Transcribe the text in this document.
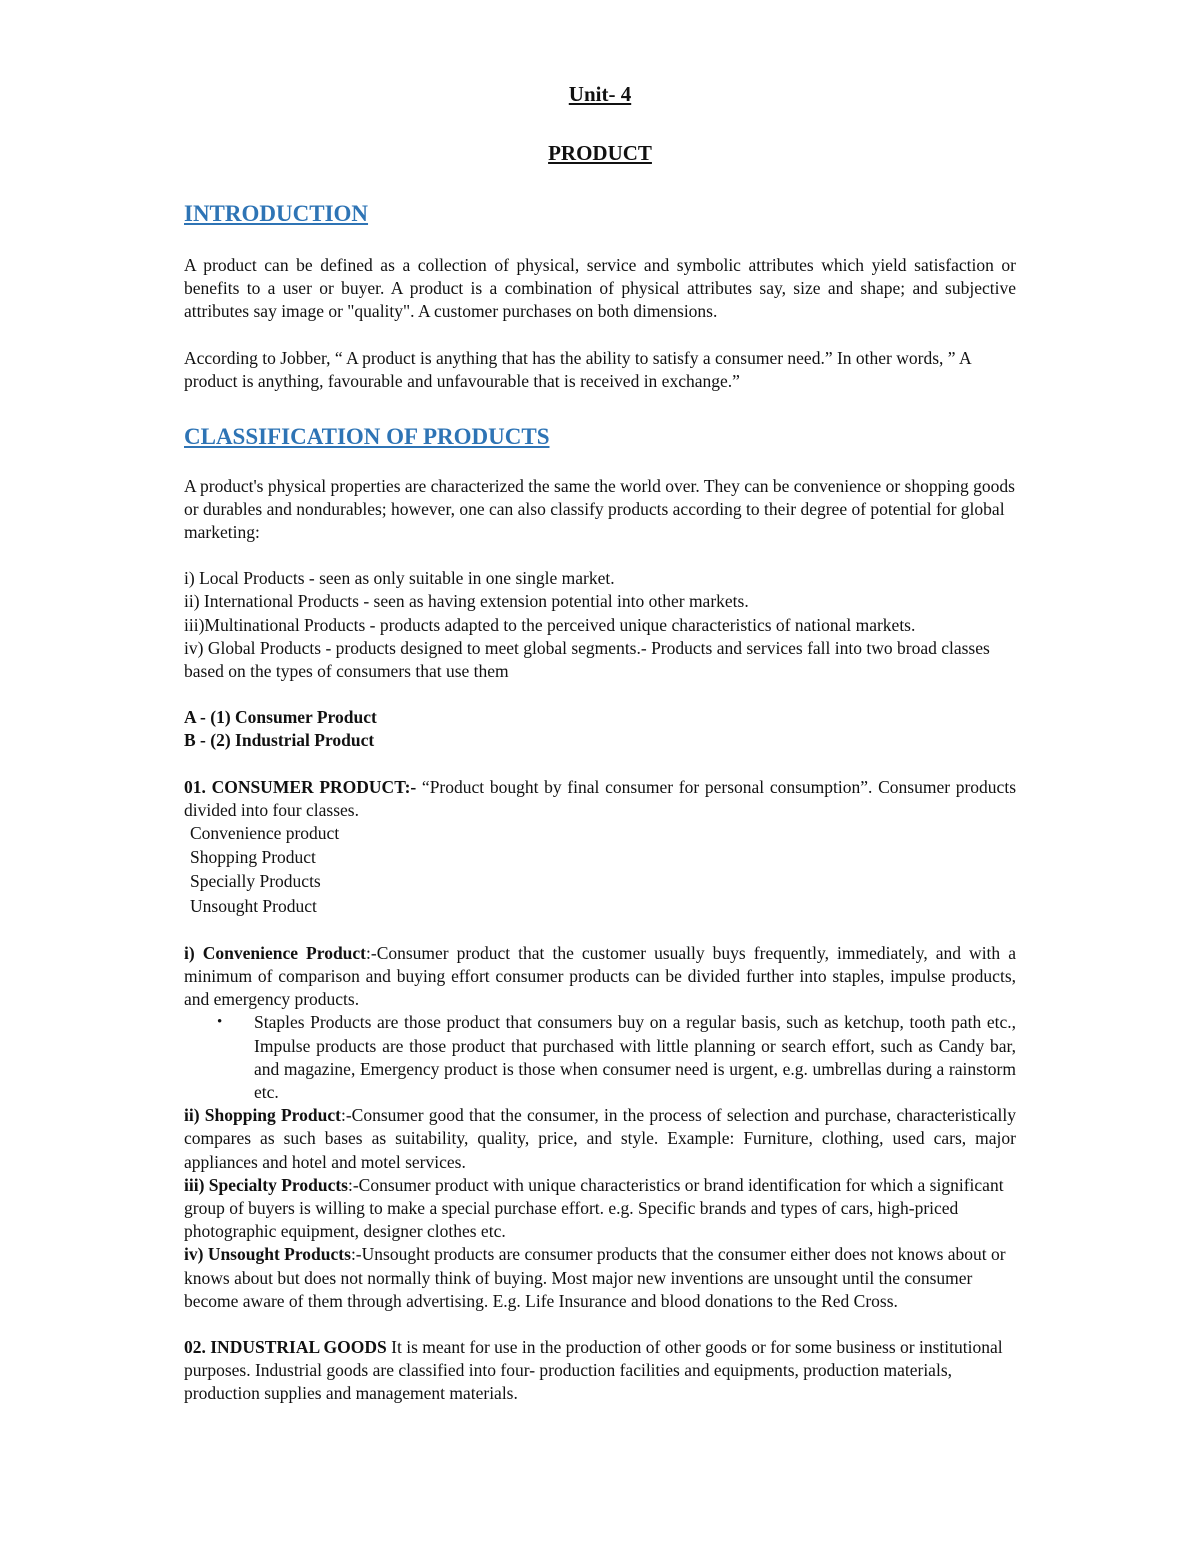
Unit- 4

PRODUCT

INTRODUCTION

A product can be defined as a collection of physical, service and symbolic attributes which yield satisfaction or benefits to a user or buyer. A product is a combination of physical attributes say, size and shape; and subjective attributes say image or "quality". A customer purchases on both dimensions.

According to Jobber, “ A product is anything that has the ability to satisfy a consumer need.” In other words, ” A product is anything, favourable and unfavourable that is received in exchange.”

CLASSIFICATION OF PRODUCTS

A product's physical properties are characterized the same the world over. They can be convenience or shopping goods or durables and nondurables; however, one can also classify products according to their degree of potential for global marketing:

i) Local Products - seen as only suitable in one single market.

ii) International Products - seen as having extension potential into other markets.

iii)Multinational Products - products adapted to the perceived unique characteristics of national markets.

iv) Global Products - products designed to meet global segments.- Products and services fall into two broad classes based on the types of consumers that use them

A - (1) Consumer Product

B - (2) Industrial Product

01. CONSUMER PRODUCT:- “Product bought by final consumer for personal consumption”. Consumer products divided into four classes.

Convenience product

Shopping Product

Specially Products

Unsought Product

i) Convenience Product:-Consumer product that the customer usually buys frequently, immediately, and with a minimum of comparison and buying effort consumer products can be divided further into staples, impulse products, and emergency products.

• Staples Products are those product that consumers buy on a regular basis, such as ketchup, tooth path etc., Impulse products are those product that purchased with little planning or search effort, such as Candy bar, and magazine, Emergency product is those when consumer need is urgent, e.g. umbrellas during a rainstorm etc.

ii) Shopping Product:-Consumer good that the consumer, in the process of selection and purchase, characteristically compares as such bases as suitability, quality, price, and style. Example: Furniture, clothing, used cars, major appliances and hotel and motel services.

iii) Specialty Products:-Consumer product with unique characteristics or brand identification for which a significant group of buyers is willing to make a special purchase effort. e.g. Specific brands and types of cars, high-priced photographic equipment, designer clothes etc.

iv) Unsought Products:-Unsought products are consumer products that the consumer either does not knows about or knows about but does not normally think of buying. Most major new inventions are unsought until the consumer become aware of them through advertising. E.g. Life Insurance and blood donations to the Red Cross.

02. INDUSTRIAL GOODS It is meant for use in the production of other goods or for some business or institutional purposes. Industrial goods are classified into four- production facilities and equipments, production materials, production supplies and management materials.
